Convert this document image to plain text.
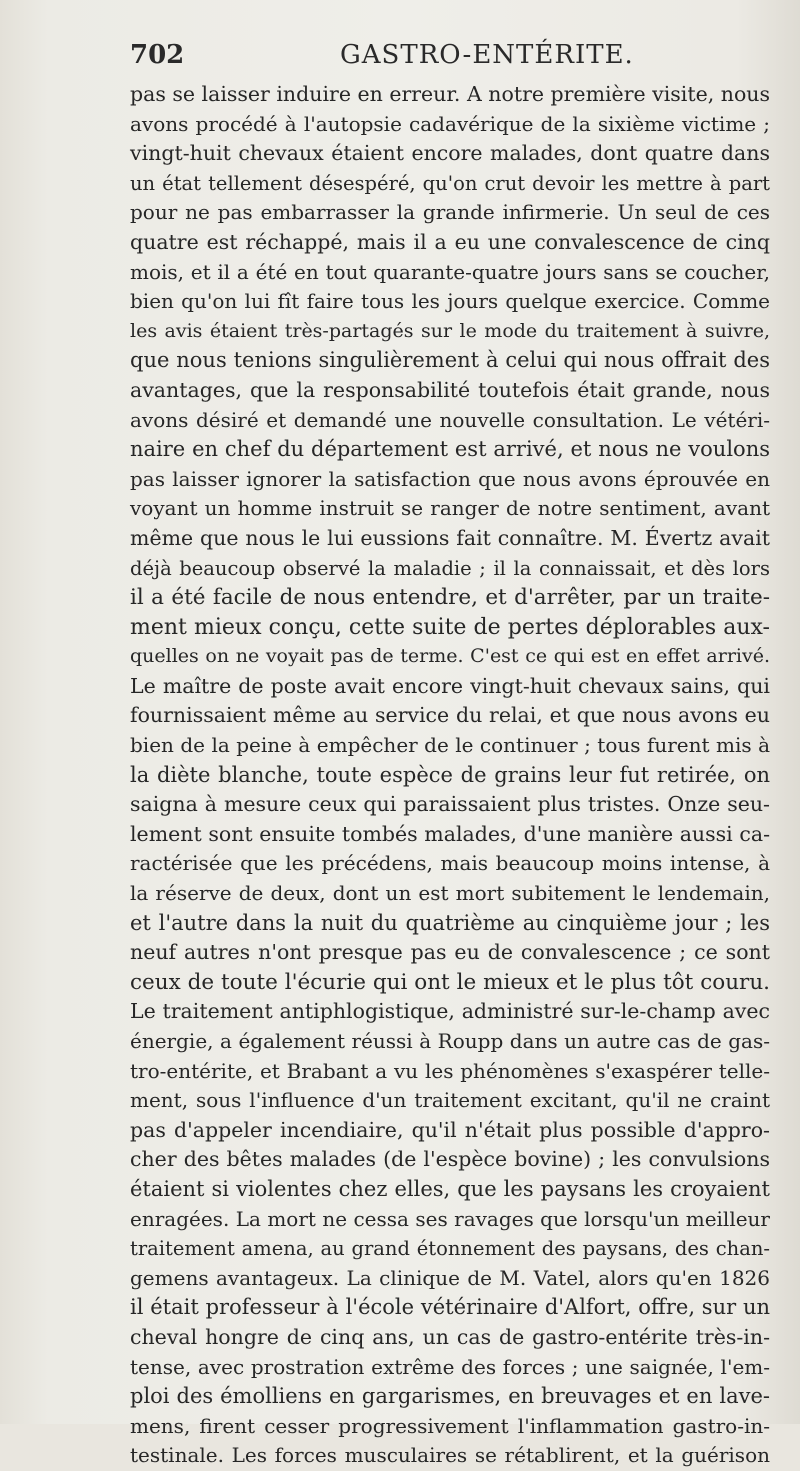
702	GASTRO-ENTÉRITE.
pas se laisser induire en erreur. A notre première visite, nous
avons procédé à l'autopsie cadavérique de la sixième victime ;
vingt-huit chevaux étaient encore malades, dont quatre dans
un état tellement désespéré, qu'on crut devoir les mettre à part
pour ne pas embarrasser la grande infirmerie. Un seul de ces
quatre est réchappé, mais il a eu une convalescence de cinq
mois, et il a été en tout quarante-quatre jours sans se coucher,
bien qu'on lui fît faire tous les jours quelque exercice. Comme
les avis étaient très-partagés sur le mode du traitement à suivre,
que nous tenions singulièrement à celui qui nous offrait des
avantages, que la responsabilité toutefois était grande, nous
avons désiré et demandé une nouvelle consultation. Le vétéri-
naire en chef du département est arrivé, et nous ne voulons
pas laisser ignorer la satisfaction que nous avons éprouvée en
voyant un homme instruit se ranger de notre sentiment, avant
même que nous le lui eussions fait connaître. M. Évertz avait
déjà beaucoup observé la maladie ; il la connaissait, et dès lors
il a été facile de nous entendre, et d'arrêter, par un traite-
ment mieux conçu, cette suite de pertes déplorables aux-
quelles on ne voyait pas de terme. C'est ce qui est en effet arrivé.
Le maître de poste avait encore vingt-huit chevaux sains, qui
fournissaient même au service du relai, et que nous avons eu
bien de la peine à empêcher de le continuer ; tous furent mis à
la diète blanche, toute espèce de grains leur fut retirée, on
saigna à mesure ceux qui paraissaient plus tristes. Onze seu-
lement sont ensuite tombés malades, d'une manière aussi ca-
ractérisée que les précédens, mais beaucoup moins intense, à
la réserve de deux, dont un est mort subitement le lendemain,
et l'autre dans la nuit du quatrième au cinquième jour ; les
neuf autres n'ont presque pas eu de convalescence ; ce sont
ceux de toute l'écurie qui ont le mieux et le plus tôt couru.
Le traitement antiphlogistique, administré sur-le-champ avec
énergie, a également réussi à Roupp dans un autre cas de gas-
tro-entérite, et Brabant a vu les phénomènes s'exaspérer telle-
ment, sous l'influence d'un traitement excitant, qu'il ne craint
pas d'appeler incendiaire, qu'il n'était plus possible d'appro-
cher des bêtes malades (de l'espèce bovine) ; les convulsions
étaient si violentes chez elles, que les paysans les croyaient
enragées. La mort ne cessa ses ravages que lorsqu'un meilleur
traitement amena, au grand étonnement des paysans, des chan-
gemens avantageux. La clinique de M. Vatel, alors qu'en 1826
il était professeur à l'école vétérinaire d'Alfort, offre, sur un
cheval hongre de cinq ans, un cas de gastro-entérite très-in-
tense, avec prostration extrême des forces ; une saignée, l'em-
ploi des émolliens en gargarismes, en breuvages et en lave-
mens, firent cesser progressivement l'inflammation gastro-in-
testinale. Les forces musculaires se rétablirent, et la guérison
